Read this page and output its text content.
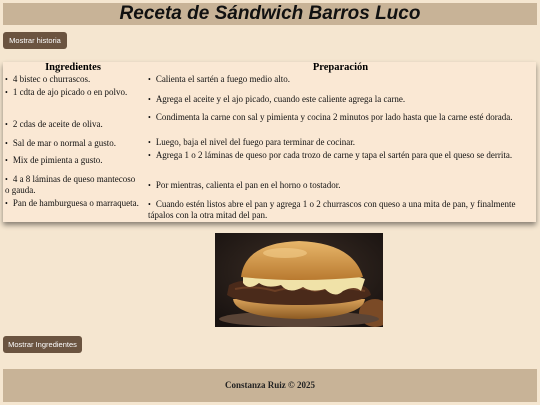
Receta de Sándwich Barros Luco
Mostrar historia

Ingredientes

• 4 bistec o churrascos.
• 1 cdta de ajo picado o en polvo.
• 2 cdas de aceite de oliva.
• Sal de mar o normal a gusto.
• Mix de pimienta a gusto.
• 4 a 8 láminas de queso mantecoso o gauda.
• Pan de hamburguesa o marraqueta.

Preparación

• Calienta el sartén a fuego medio alto.
• Agrega el aceite y el ajo picado, cuando este caliente agrega la carne.
• Condimenta la carne con sal y pimienta y cocina 2 minutos por lado hasta que la carne esté dorada.
• Luego, baja el nivel del fuego para terminar de cocinar.
• Agrega 1 o 2 láminas de queso por cada trozo de carne y tapa el sartén para que el queso se derrita.
• Por mientras, calienta el pan en el horno o tostador.
• Cuando estén listos abre el pan y agrega 1 o 2 churrascos con queso a una mita de pan, y finalmente tápalos con la otra mitad del pan.
Mostrar Ingredientes

Constanza Ruiz © 2025
